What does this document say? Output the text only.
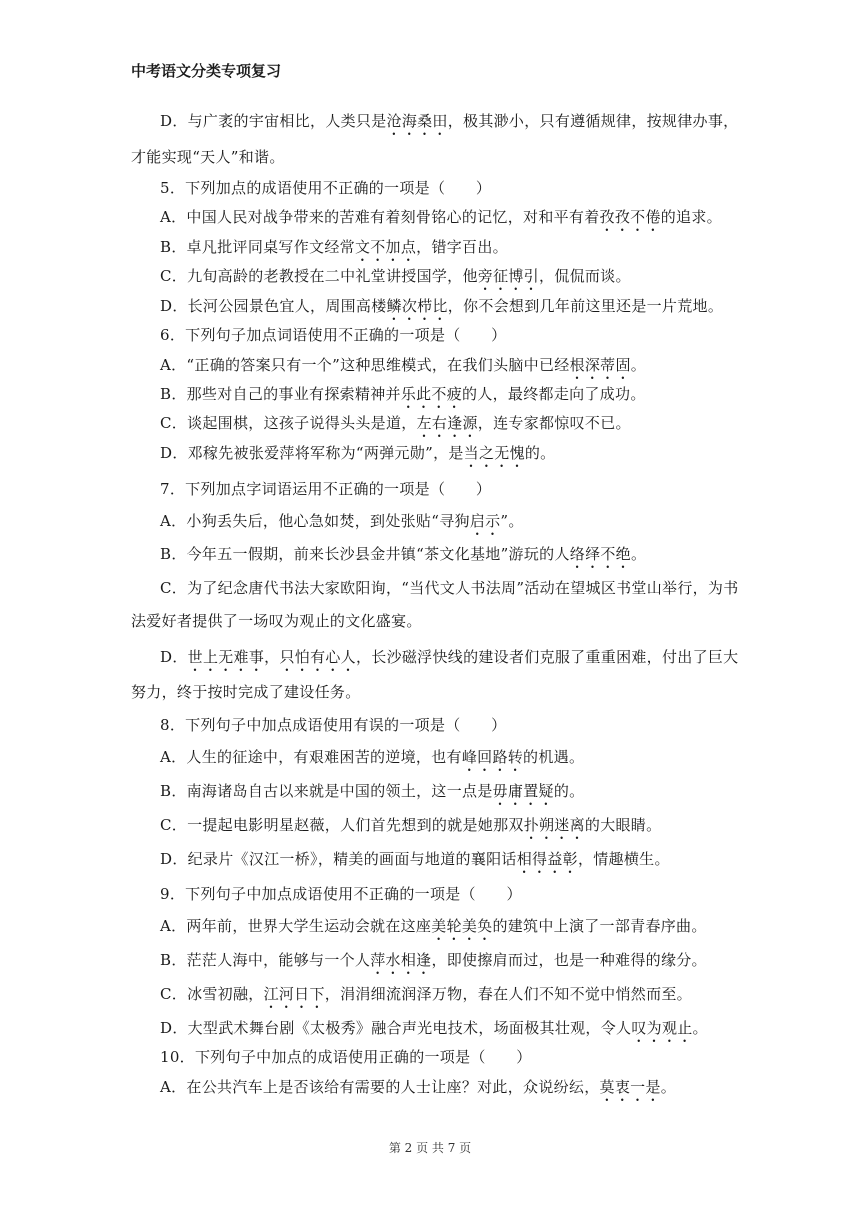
中考语文分类专项复习
D．与广袤的宇宙相比，人类只是沧海桑田，极其渺小，只有遵循规律，按规律办事，
才能实现“天人”和谐。
5．下列加点的成语使用不正确的一项是（　　）
A．中国人民对战争带来的苦难有着刻骨铭心的记忆，对和平有着孜孜不倦的追求。
B．卓凡批评同桌写作文经常文不加点，错字百出。
C．九旬高龄的老教授在二中礼堂讲授国学，他旁征博引，侃侃而谈。
D．长河公园景色宜人，周围高楼鳞次栉比，你不会想到几年前这里还是一片荒地。
6．下列句子加点词语使用不正确的一项是（　　）
A．“正确的答案只有一个”这种思维模式，在我们头脑中已经根深蒂固。
B．那些对自己的事业有探索精神并乐此不疲的人，最终都走向了成功。
C．谈起围棋，这孩子说得头头是道，左右逢源，连专家都惊叹不已。
D．邓稼先被张爱萍将军称为“两弹元勋”，是当之无愧的。
7．下列加点字词语运用不正确的一项是（　　）
A．小狗丢失后，他心急如焚，到处张贴“寻狗启示”。
B．今年五一假期，前来长沙县金井镇“茶文化基地”游玩的人络绎不绝。
C．为了纪念唐代书法大家欧阳询，“当代文人书法周”活动在望城区书堂山举行，为书
法爱好者提供了一场叹为观止的文化盛宴。
D．世上无难事，只怕有心人，长沙磁浮快线的建设者们克服了重重困难，付出了巨大
努力，终于按时完成了建设任务。
8．下列句子中加点成语使用有误的一项是（　　）
A．人生的征途中，有艰难困苦的逆境，也有峰回路转的机遇。
B．南海诸岛自古以来就是中国的领土，这一点是毋庸置疑的。
C．一提起电影明星赵薇，人们首先想到的就是她那双扑朔迷离的大眼睛。
D．纪录片《汉江一桥》，精美的画面与地道的襄阳话相得益彰，情趣横生。
9．下列句子中加点成语使用不正确的一项是（　　）
A．两年前，世界大学生运动会就在这座美轮美奂的建筑中上演了一部青春序曲。
B．茫茫人海中，能够与一个人萍水相逢，即使擦肩而过，也是一种难得的缘分。
C．冰雪初融，江河日下，涓涓细流润泽万物，春在人们不知不觉中悄然而至。
D．大型武术舞台剧《太极秀》融合声光电技术，场面极其壮观，令人叹为观止。
10．下列句子中加点的成语使用正确的一项是（　　）
A．在公共汽车上是否该给有需要的人士让座？对此，众说纷纭，莫衷一是。
第 2 页 共 7 页
